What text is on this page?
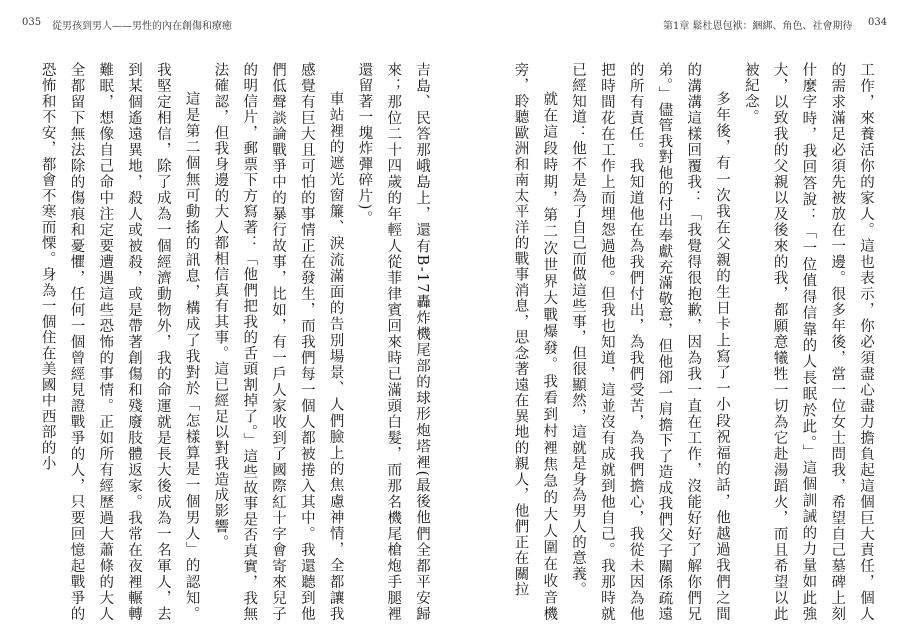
035 從男孩到男人——男性的內在創傷和療癒

吉島、民答那峨島上，還有B-17轟炸機尾部的球形炮塔裡(最後他們全都平安歸來；那位二十四歲的年輕人從菲律賓回來時已滿頭白髮，而那名機尾槍炮手腿裡還留著一塊炸彈碎片)。

車站裡的遮光窗簾、淚流滿面的告別場景、人們臉上的焦慮神情，全都讓我感覺有巨大且可怕的事情正在發生，而我們每一個人都被捲入其中。我還聽到他們低聲談論戰爭中的暴行故事，比如，有一戶人家收到了國際紅十字會寄來兒子的明信片，郵票下方寫著：「他們把我的舌頭割掉了。」這些故事是否真實，我無法確認，但我身邊的大人都相信真有其事。這已經足以對我造成影響。

這是第二個無可動搖的訊息，構成了我對於「怎樣算是一個男人」的認知。我堅定相信，除了成為一個經濟動物外，我的命運就是長大後成為一名軍人，去到某個遙遠異地，殺人或被殺，或是帶著創傷和殘廢肢體返家。我常在夜裡輾轉難眠，想像自己命中注定要遭遇這些恐怖的事情。正如所有經歷過大蕭條的大人全都留下無法除的傷痕和憂懼，任何一個曾經見證戰爭的人，只要回憶起戰爭的恐怖和不安，都會不寒而慄。身為一個住在美國中西部的小

第1章 鬆杜恩包袱：綑綁、角色、社會期待 034

工作，來養活你的家人。這也表示，你必須盡心盡力擔負起這個巨大責任，個人的需求滿足必須先被放在一邊。很多年後，當一位女士問我，希望自己墓碑上刻什麼字時，我回答說：「一位值得信靠的人長眠於此。」這個訓誡的力量如此強大，以致我的父親以及後來的我，都願意犧牲一切為它赴湯蹈火，而且希望以此被紀念。

多年後，有一次我在父親的生日卡上寫了一小段祝福的話，他越過我們之間的溝溝這樣回覆我：「我覺得很抱歉，因為我一直在工作，沒能好好了解你們兄弟。」儘管我對他的付出奉獻充滿敬意，但他卻一肩擔下了造成我們父子關係疏遠的所有責任。我知道他在為我們付出，為我們受苦，為我們擔心，我從未因為他把時間花在工作上而埋怨過他。但我也知道，這並沒有成就到他自己。我那時就已經知道：他不是為了自己而做這些事，但很顯然，這就是身為男人的意義。

就在這段時期，第二次世界大戰爆發。我看到村裡焦急的大人圍在收音機旁，聆聽歐洲和南太平洋的戰事消息，思念著遠在異地的親人，他們正在關拉
